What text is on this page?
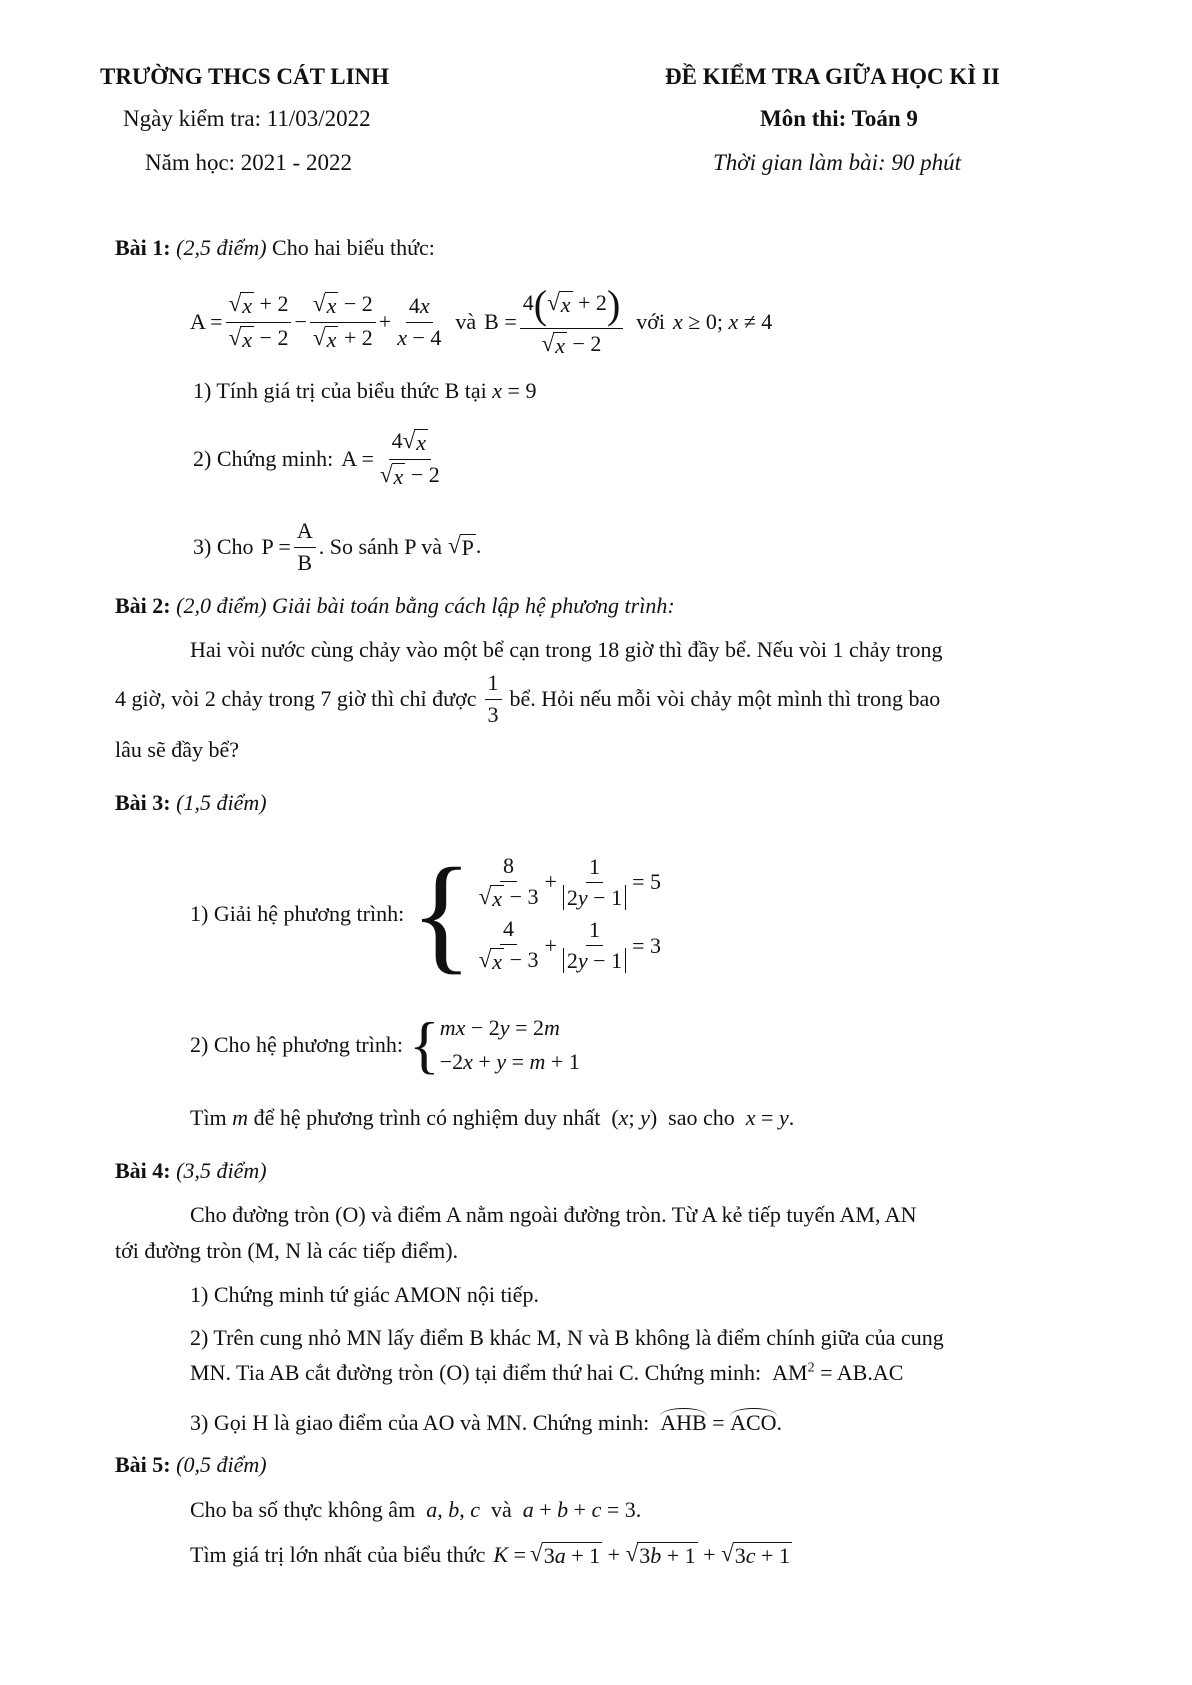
TRƯỜNG THCS CÁT LINH	ĐỀ KIỂM TRA GIỮA HỌC KÌ II
Ngày kiểm tra: 11/03/2022	Môn thi: Toán 9
Năm học: 2021 - 2022	Thời gian làm bài: 90 phút
Bài 1: (2,5 điểm) Cho hai biểu thức:
$A = \frac{√ x + 2}{√ x - 2} - \frac{√ x - 2}{√ x + 2} + \frac{4x}{x - 4}$ và $B = \frac{4( √ x + 2)}{√ x - 2}$ với x ≥ 0; x ≠ 4
1) Tính giá trị của biểu thức B tại x = 9
2) Chứng minh: $A = \frac{4 √ x}{√ x - 2}$
3) Cho $P = \frac{A}{B}$ . So sánh P và √ P .
Bài 2: (2,0 điểm) Giải bài toán bằng cách lập hệ phương trình:
Hai vòi nước cùng chảy vào một bể cạn trong 18 giờ thì đầy bể. Nếu vòi 1 chảy trong
4 giờ, vòi 2 chảy trong 7 giờ thì chỉ được
1
3
bể. Hỏi nếu mỗi vòi chảy một mình thì trong bao
lâu sẽ đầy bể?
Bài 3: (1,5 điểm)
1) Giải hệ phương trình: { 8
√ x − 3
+ $\frac{1}{2y - 1} = 5$
4
√ x − 3
+ $\frac{1}{2y - 1} = 3$
2) Cho hệ phương trình: { mx − 2y = 2m
−2x + y = m + 1
Tìm m để hệ phương trình có nghiệm duy nhất  (x; y)  sao cho x = y.
Bài 4: (3,5 điểm)
Cho đường tròn (O) và điểm A nằm ngoài đường tròn. Từ A kẻ tiếp tuyến AM, AN
tới đường tròn (M, N là các tiếp điểm).
1) Chứng minh tứ giác AMON nội tiếp.
2) Trên cung nhỏ MN lấy điểm B khác M, N và B không là điểm chính giữa của cung
MN. Tia AB cắt đường tròn (O) tại điểm thứ hai C. Chứng minh:  $AM^2 = AB.AC$
3) Gọi H là giao điểm của AO và MN. Chứng minh: AHB = ACO.
Bài 5: (0,5 điểm)
Cho ba số thực không âm a, b, c và a + b + c = 3.
Tìm giá trị lớn nhất của biểu thức K = √ 3a + 1 + √ 3b + 1 + √ 3c + 1
